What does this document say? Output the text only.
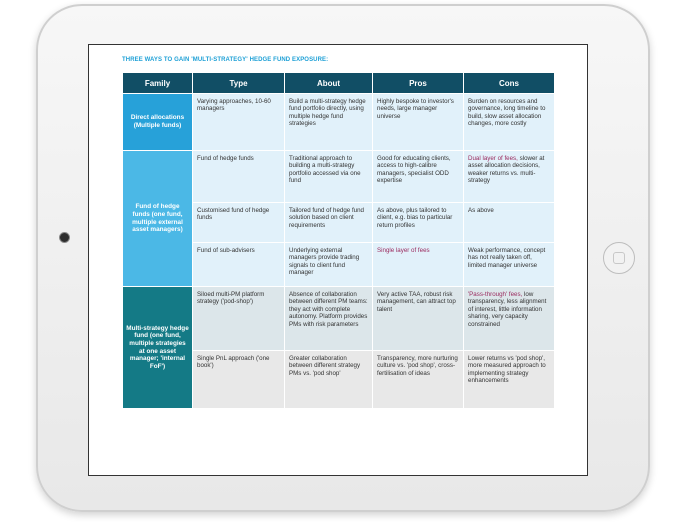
THREE WAYS TO GAIN 'MULTI-STRATEGY' HEDGE FUND EXPOSURE:
Family	Type	About	Pros	Cons
Direct allocations (Multiple funds)	Varying approaches, 10-60 managers	Build a multi-strategy hedge fund portfolio directly, using multiple hedge fund strategies	Highly bespoke to investor's needs, large manager universe	Burden on resources and governance, long timeline to build, slow asset allocation changes, more costly
Fund of hedge funds (one fund, multiple external asset managers)	Fund of hedge funds	Traditional approach to building a multi-strategy portfolio accessed via one fund	Good for educating clients, access to high-calibre managers, specialist ODD expertise	Dual layer of fees, slower at asset allocation decisions, weaker returns vs. multi-strategy
	Customised fund of hedge funds	Tailored fund of hedge fund solution based on client requirements	As above, plus tailored to client, e.g. bias to particular return profiles	As above
	Fund of sub-advisers	Underlying external managers provide trading signals to client fund manager	Single layer of fees	Weak performance, concept has not really taken off, limited manager universe
Multi-strategy hedge fund (one fund, multiple strategies at one asset manager; 'internal FoF')	Siloed multi-PM platform strategy ('pod-shop')	Absence of collaboration between different PM teams: they act with complete autonomy. Platform provides PMs with risk parameters	Very active TAA, robust risk management, can attract top talent	'Pass-through' fees, low transparency, less alignment of interest, little information sharing, very capacity constrained
	Single PnL approach ('one book')	Greater collaboration between different strategy PMs vs. 'pod shop'	Transparency, more nurturing culture vs. 'pod shop', cross-fertilisation of ideas	Lower returns vs 'pod shop', more measured approach to implementing strategy enhancements
